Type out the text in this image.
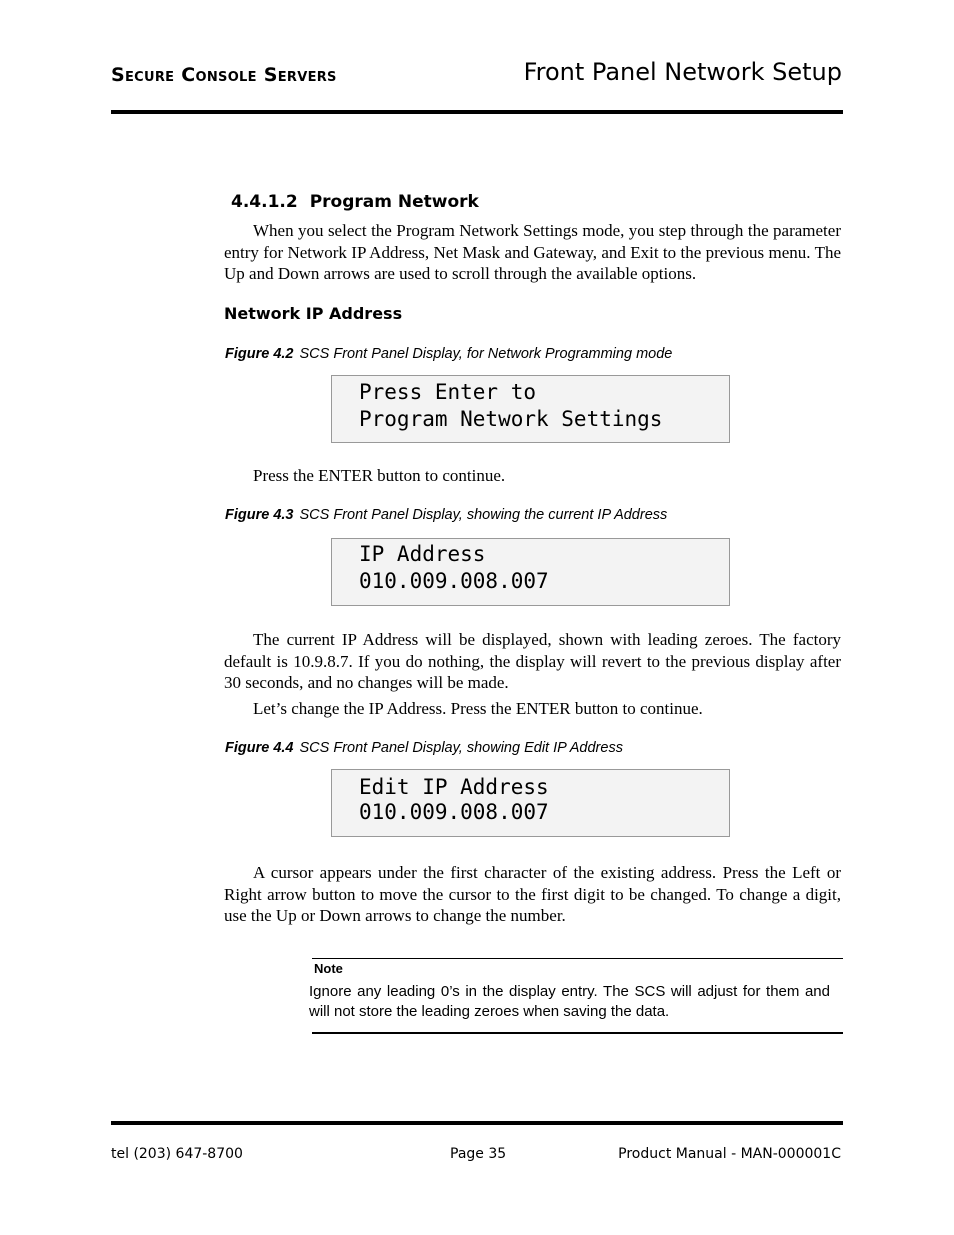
Secure Console Servers	Front Panel Network Setup
4.4.1.2 Program Network
When you select the Program Network Settings mode, you step through the parameter entry for Network IP Address, Net Mask and Gateway, and Exit to the previous menu. The Up and Down arrows are used to scroll through the available options.
Network IP Address
Figure 4.2 SCS Front Panel Display, for Network Programming mode
Press Enter to
Program Network Settings
Press the ENTER button to continue.
Figure 4.3 SCS Front Panel Display, showing the current IP Address
IP Address
010.009.008.007
The current IP Address will be displayed, shown with leading zeroes. The factory default is 10.9.8.7. If you do nothing, the display will revert to the previous display after 30 seconds, and no changes will be made.
Let’s change the IP Address. Press the ENTER button to continue.
Figure 4.4 SCS Front Panel Display, showing Edit IP Address
Edit IP Address
010.009.008.007
A cursor appears under the first character of the existing address. Press the Left or Right arrow button to move the cursor to the first digit to be changed. To change a digit, use the Up or Down arrows to change the number.
Note
Ignore any leading 0’s in the display entry. The SCS will adjust for them and will not store the leading zeroes when saving the data.
tel (203) 647-8700	Page 35	Product Manual - MAN-000001C
